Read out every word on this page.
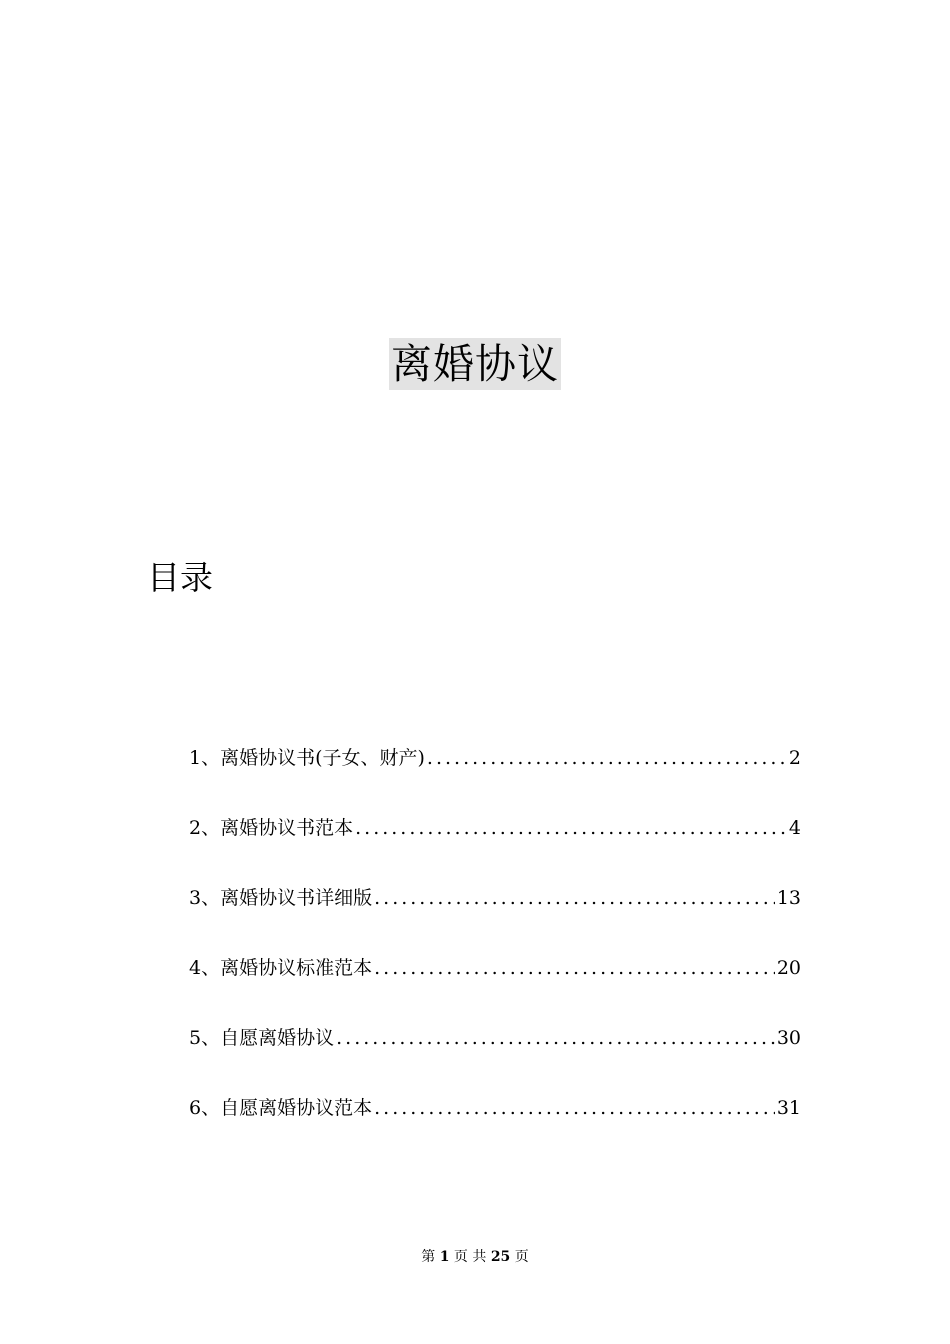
离婚协议
目录
1、 离婚协议书(子女、财产) .....	2
2、 离婚协议书范本 .....	4
3、 离婚协议书详细版 .....	13
4、 离婚协议标准范本 .....	20
5、 自愿离婚协议 .....	30
6、 自愿离婚协议范本 .....	31
第 1 页 共 25 页
